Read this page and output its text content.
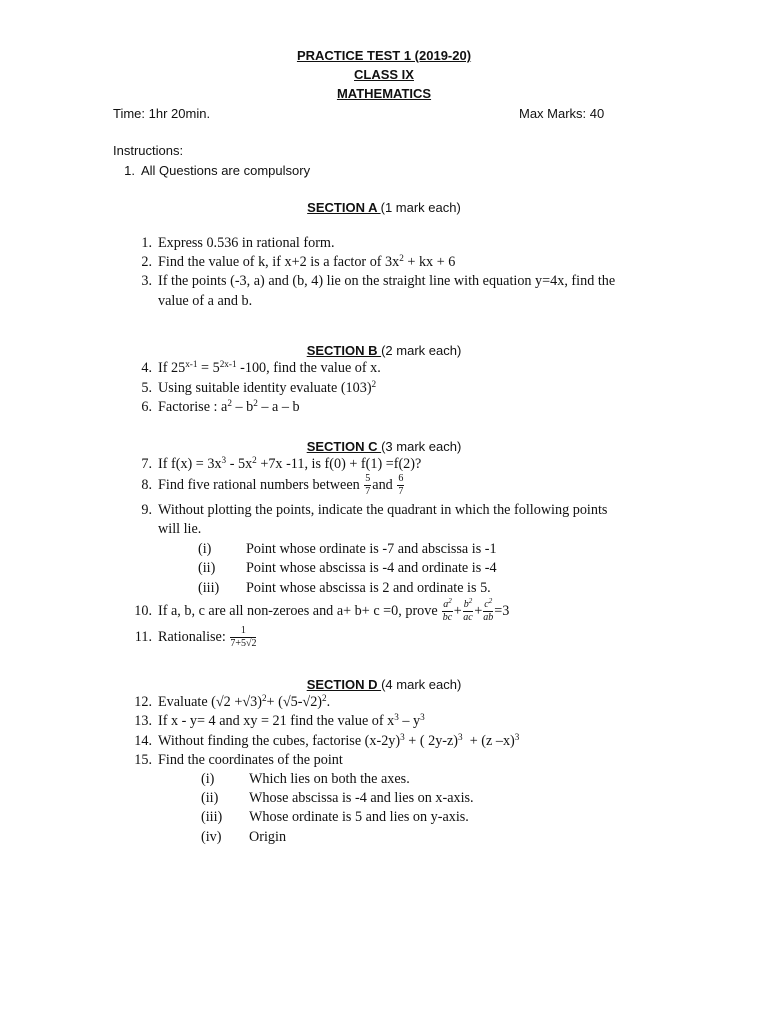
PRACTICE TEST 1 (2019-20)
CLASS IX
MATHEMATICS
Time: 1hr 20min.	Max Marks: 40
Instructions:
1. All Questions are compulsory
SECTION A (1 mark each)
1. Express 0.536 in rational form.
2. Find the value of k, if x+2 is a factor of $3x^2$ + kx + 6
3. If the points (-3, a) and (b, 4) lie on the straight line with equation y=4x, find the
value of a and b.
SECTION B (2 mark each)
4. If $25^{x-1} = 5^{2x-1}$ -100, find the value of x.
5. Using suitable identity evaluate $(103)^2$
6. Factorise : $a^2 - b^2$ – a – b
SECTION C (3 mark each)
7. If $f(x) = 3x^3 - 5x^2 +7x$ -11, is f(0) + f(1) =f(2)?
8. Find five rational numbers between $\frac{5}{7}$ and $\frac{6}{7}$
9. Without plotting the points, indicate the quadrant in which the following points
will lie.
(i) Point whose ordinate is -7 and abscissa is -1
(ii) Point whose abscissa is -4 and ordinate is -4
(iii) Point whose abscissa is 2 and ordinate is 5.
10. If a, b, c are all non-zeroes and a+ b+ c =0, prove $\frac{a^2}{bc} + \frac{b^2}{ac} + \frac{c^2}{ab} =3$
11. Rationalise: $\frac{1}{7+5√2}$
SECTION D (4 mark each)
12. Evaluate $(√2 +√3)^2+ (√5-√2)^2$.
13. If x - y= 4 and xy = 21 find the value of $x^3 - y^3$
14. Without finding the cubes, factorise $(x-2y)^3$ + ( 2y-z)$^3$  + (z –x)$^3$
15. Find the coordinates of the point
(i) Which lies on both the axes.
(ii) Whose abscissa is -4 and lies on x-axis.
(iii) Whose ordinate is 5 and lies on y-axis.
(iv) Origin
